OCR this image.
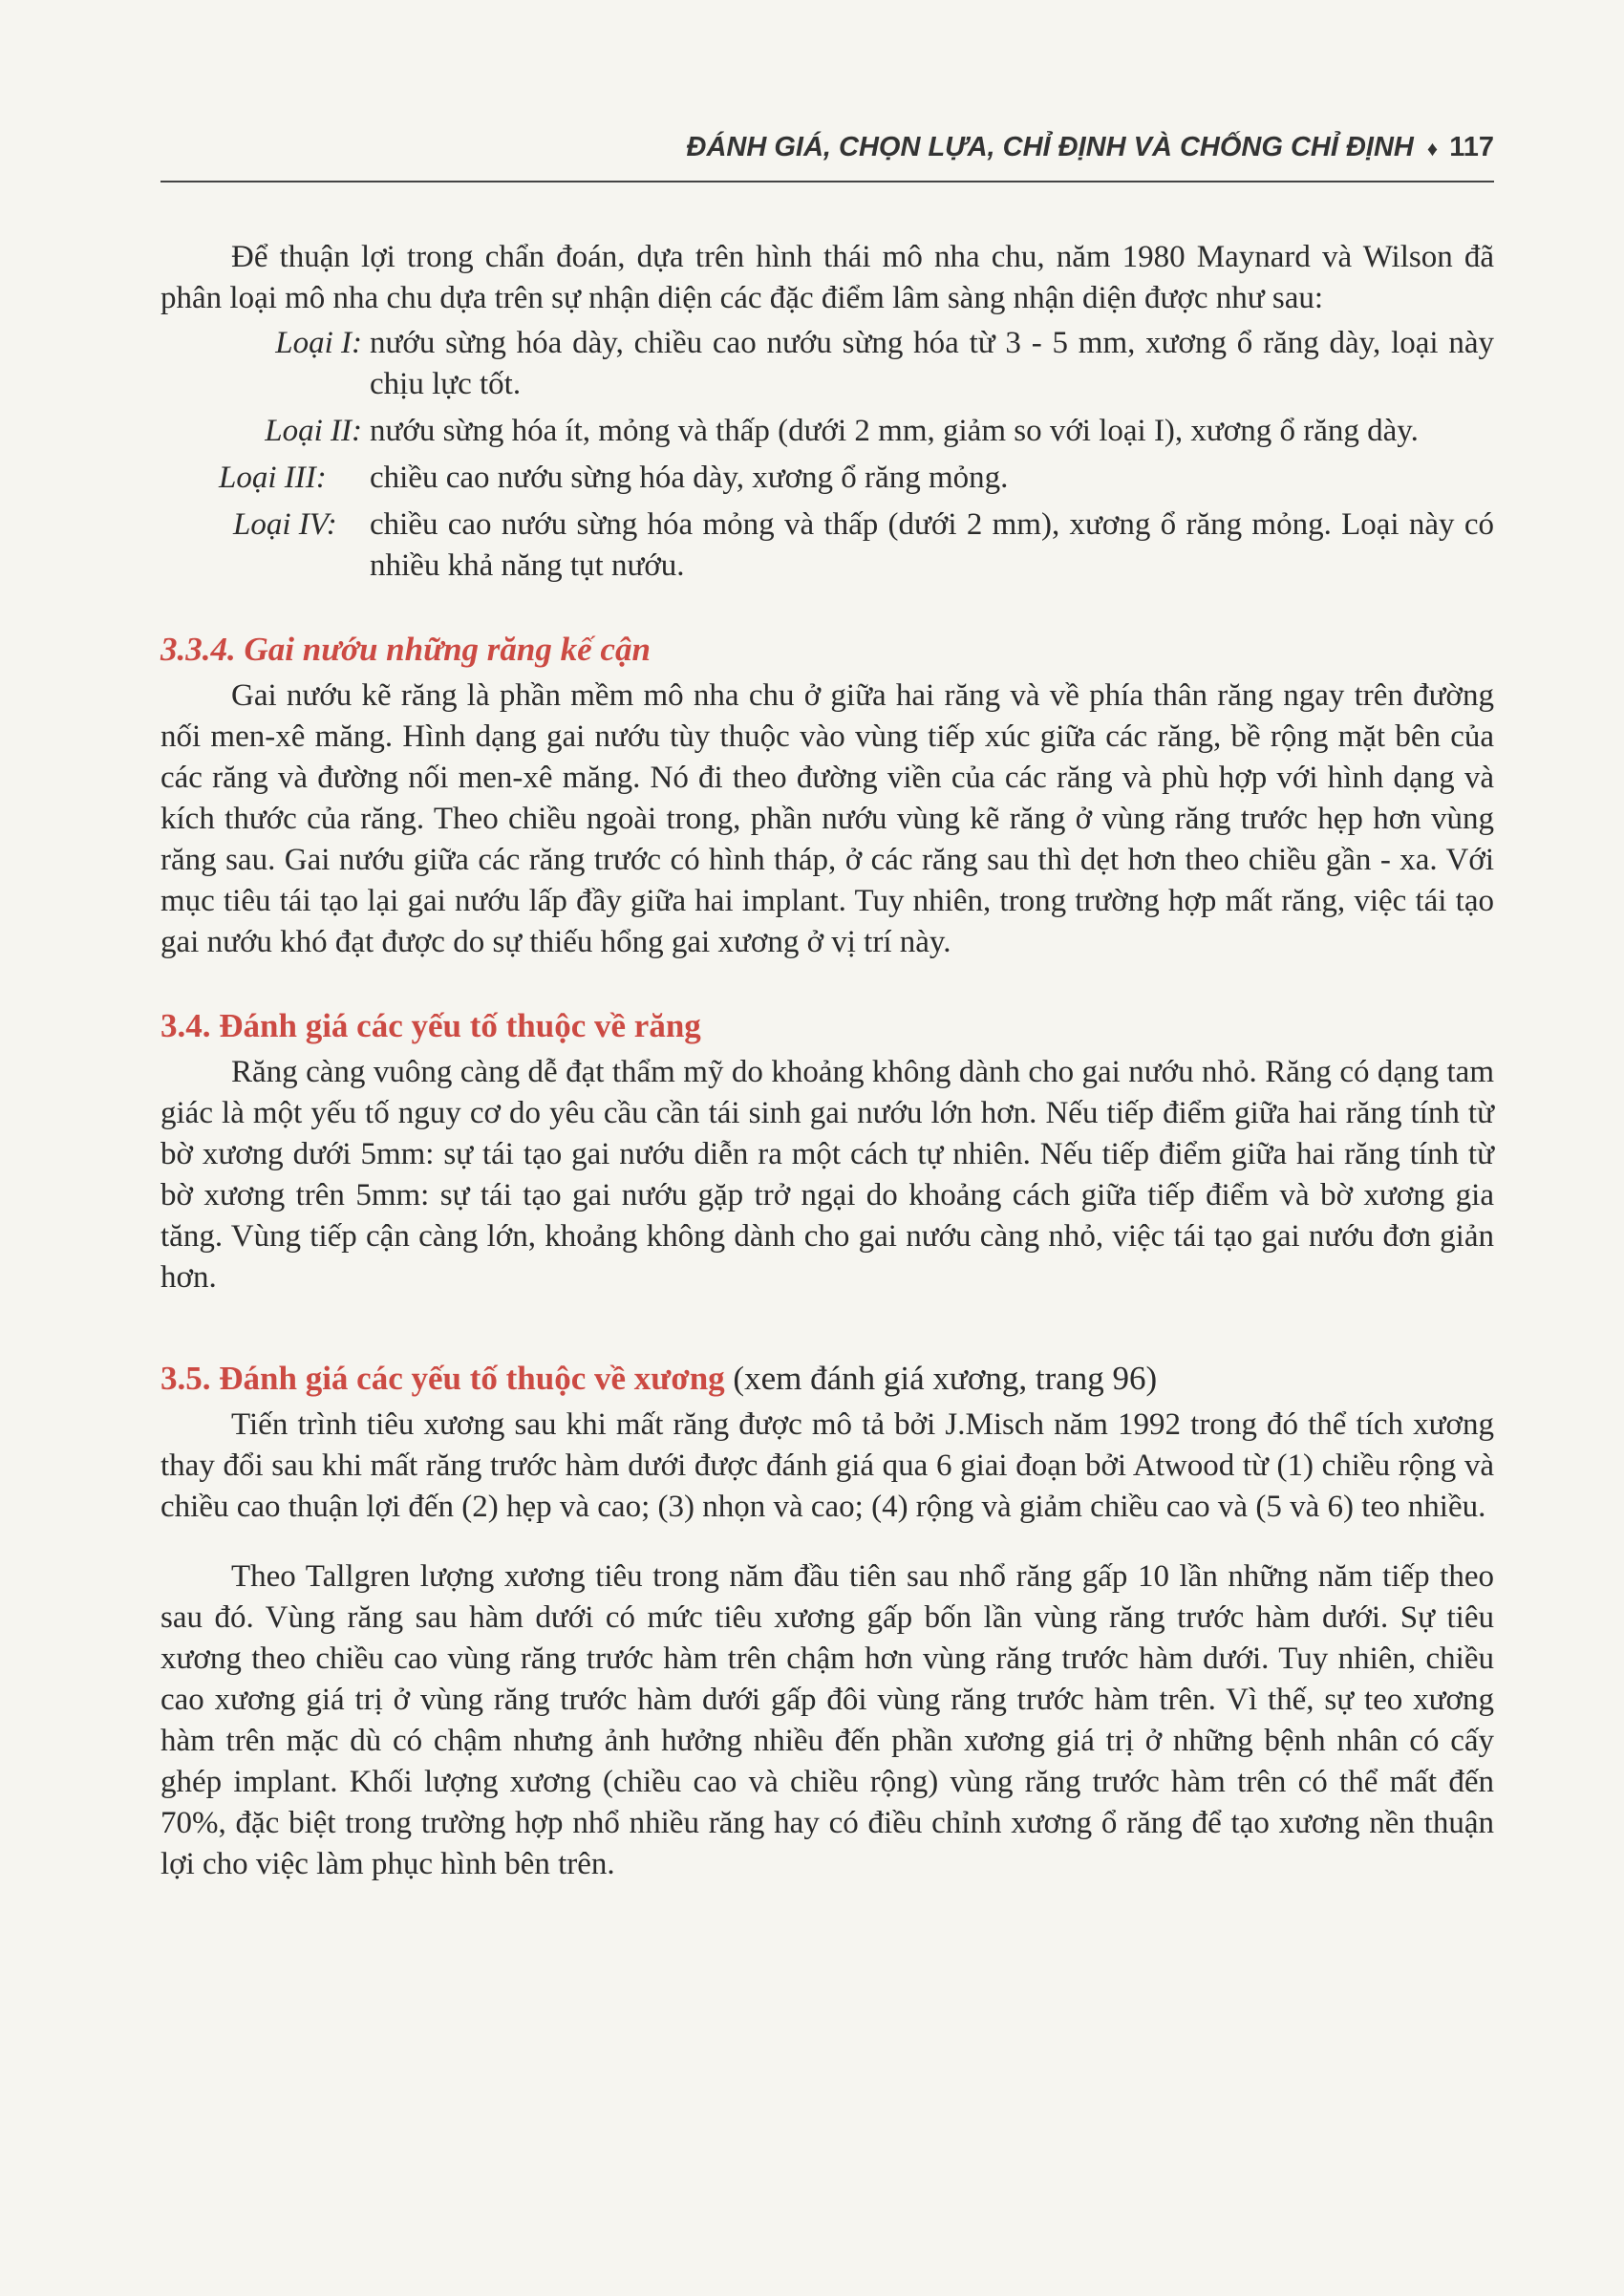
ĐÁNH GIÁ, CHỌN LỰA, CHỈ ĐỊNH VÀ CHỐNG CHỈ ĐỊNH ♦ 117

Để thuận lợi trong chẩn đoán, dựa trên hình thái mô nha chu, năm 1980 Maynard và Wilson đã phân loại mô nha chu dựa trên sự nhận diện các đặc điểm lâm sàng nhận diện được như sau:

Loại I: nướu sừng hóa dày, chiều cao nướu sừng hóa từ 3 - 5 mm, xương ổ răng dày, loại này chịu lực tốt.
Loại II: nướu sừng hóa ít, mỏng và thấp (dưới 2 mm, giảm so với loại I), xương ổ răng dày.
Loại III:	chiều cao nướu sừng hóa dày, xương ổ răng mỏng.
Loại IV:	chiều cao nướu sừng hóa mỏng và thấp (dưới 2 mm), xương ổ răng mỏng. Loại này có nhiều khả năng tụt nướu.
3.3.4. Gai nướu những răng kế cận

Gai nướu kẽ răng là phần mềm mô nha chu ở giữa hai răng và về phía thân răng ngay trên đường nối men-xê măng. Hình dạng gai nướu tùy thuộc vào vùng tiếp xúc giữa các răng, bề rộng mặt bên của các răng và đường nối men-xê măng. Nó đi theo đường viền của các răng và phù hợp với hình dạng và kích thước của răng. Theo chiều ngoài trong, phần nướu vùng kẽ răng ở vùng răng trước hẹp hơn vùng răng sau. Gai nướu giữa các răng trước có hình tháp, ở các răng sau thì dẹt hơn theo chiều gần - xa. Với mục tiêu tái tạo lại gai nướu lấp đầy giữa hai implant. Tuy nhiên, trong trường hợp mất răng, việc tái tạo gai nướu khó đạt được do sự thiếu hổng gai xương ở vị trí này.

3.4. Đánh giá các yếu tố thuộc về răng

Răng càng vuông càng dễ đạt thẩm mỹ do khoảng không dành cho gai nướu nhỏ. Răng có dạng tam giác là một yếu tố nguy cơ do yêu cầu cần tái sinh gai nướu lớn hơn. Nếu tiếp điểm giữa hai răng tính từ bờ xương dưới 5mm: sự tái tạo gai nướu diễn ra một cách tự nhiên. Nếu tiếp điểm giữa hai răng tính từ bờ xương trên 5mm: sự tái tạo gai nướu gặp trở ngại do khoảng cách giữa tiếp điểm và bờ xương gia tăng. Vùng tiếp cận càng lớn, khoảng không dành cho gai nướu càng nhỏ, việc tái tạo gai nướu đơn giản hơn.

3.5. Đánh giá các yếu tố thuộc về xương (xem đánh giá xương, trang 96)

Tiến trình tiêu xương sau khi mất răng được mô tả bởi J.Misch năm 1992 trong đó thể tích xương thay đổi sau khi mất răng trước hàm dưới được đánh giá qua 6 giai đoạn bởi Atwood từ (1) chiều rộng và chiều cao thuận lợi đến (2) hẹp và cao; (3) nhọn và cao; (4) rộng và giảm chiều cao và (5 và 6) teo nhiều.

Theo Tallgren lượng xương tiêu trong năm đầu tiên sau nhổ răng gấp 10 lần những năm tiếp theo sau đó. Vùng răng sau hàm dưới có mức tiêu xương gấp bốn lần vùng răng trước hàm dưới. Sự tiêu xương theo chiều cao vùng răng trước hàm trên chậm hơn vùng răng trước hàm dưới. Tuy nhiên, chiều cao xương giá trị ở vùng răng trước hàm dưới gấp đôi vùng răng trước hàm trên. Vì thế, sự teo xương hàm trên mặc dù có chậm nhưng ảnh hưởng nhiều đến phần xương giá trị ở những bệnh nhân có cấy ghép implant. Khối lượng xương (chiều cao và chiều rộng) vùng răng trước hàm trên có thể mất đến 70%, đặc biệt trong trường hợp nhổ nhiều răng hay có điều chỉnh xương ổ răng để tạo xương nền thuận lợi cho việc làm phục hình bên trên.
